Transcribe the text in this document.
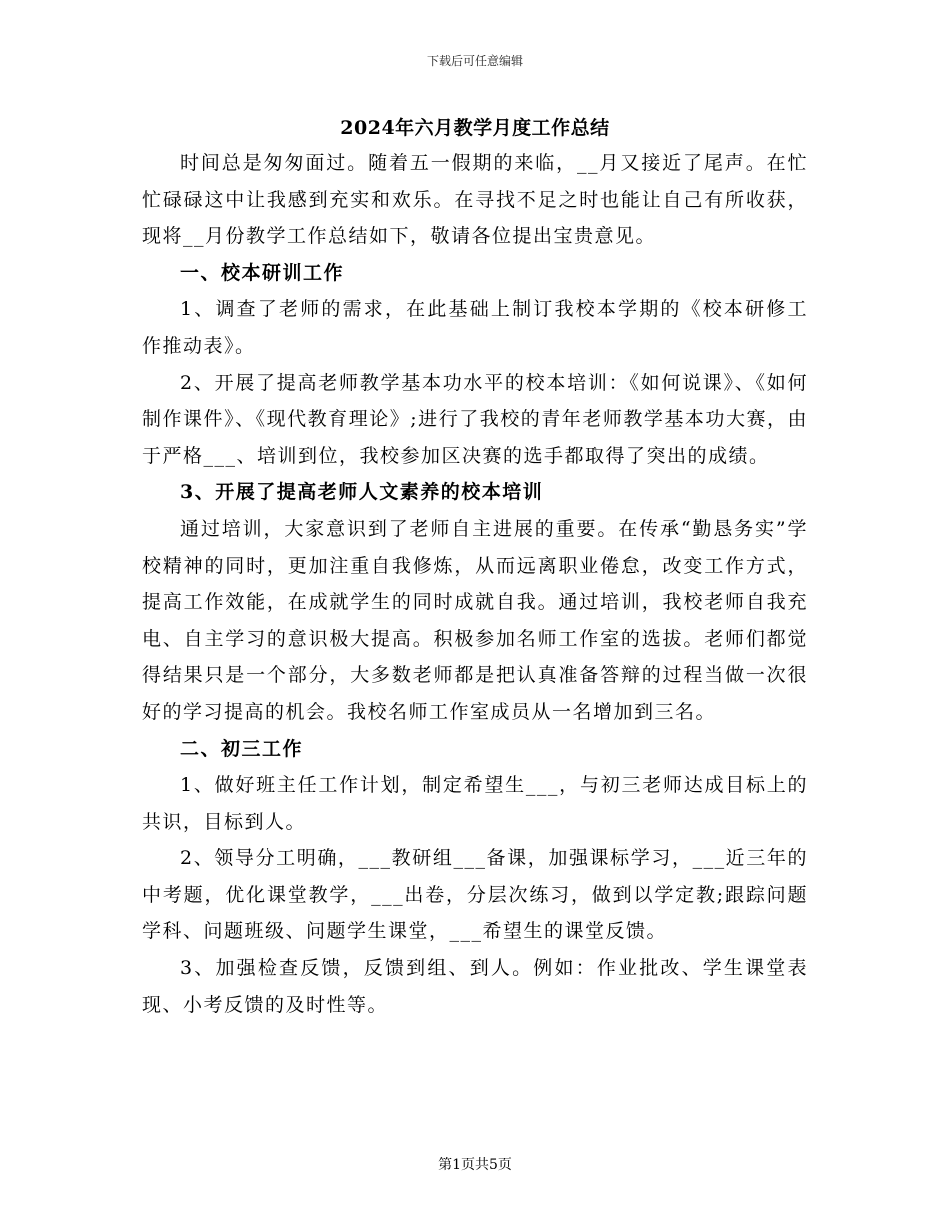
下载后可任意编辑
2024年六月教学月度工作总结

时间总是匆匆面过。随着五一假期的来临，__月又接近了尾声。在忙忙碌碌这中让我感到充实和欢乐。在寻找不足之时也能让自己有所收获，现将__月份教学工作总结如下，敬请各位提出宝贵意见。

一、校本研训工作

1、调查了老师的需求，在此基础上制订我校本学期的《校本研修工作推动表》。

2、开展了提高老师教学基本功水平的校本培训：《如何说课》、《如何制作课件》、《现代教育理论》;进行了我校的青年老师教学基本功大赛，由于严格___、培训到位，我校参加区决赛的选手都取得了突出的成绩。

3、开展了提高老师人文素养的校本培训

通过培训，大家意识到了老师自主进展的重要。在传承“勤恳务实”学校精神的同时，更加注重自我修炼，从而远离职业倦怠，改变工作方式，提高工作效能，在成就学生的同时成就自我。通过培训，我校老师自我充电、自主学习的意识极大提高。积极参加名师工作室的选拔。老师们都觉得结果只是一个部分，大多数老师都是把认真准备答辩的过程当做一次很好的学习提高的机会。我校名师工作室成员从一名增加到三名。

二、初三工作

1、做好班主任工作计划，制定希望生___，与初三老师达成目标上的共识，目标到人。

2、领导分工明确，___教研组___备课，加强课标学习，___近三年的中考题，优化课堂教学，___出卷，分层次练习，做到以学定教;跟踪问题学科、问题班级、问题学生课堂，___希望生的课堂反馈。

3、加强检查反馈，反馈到组、到人。例如：作业批改、学生课堂表现、小考反馈的及时性等。

第1页共5页
